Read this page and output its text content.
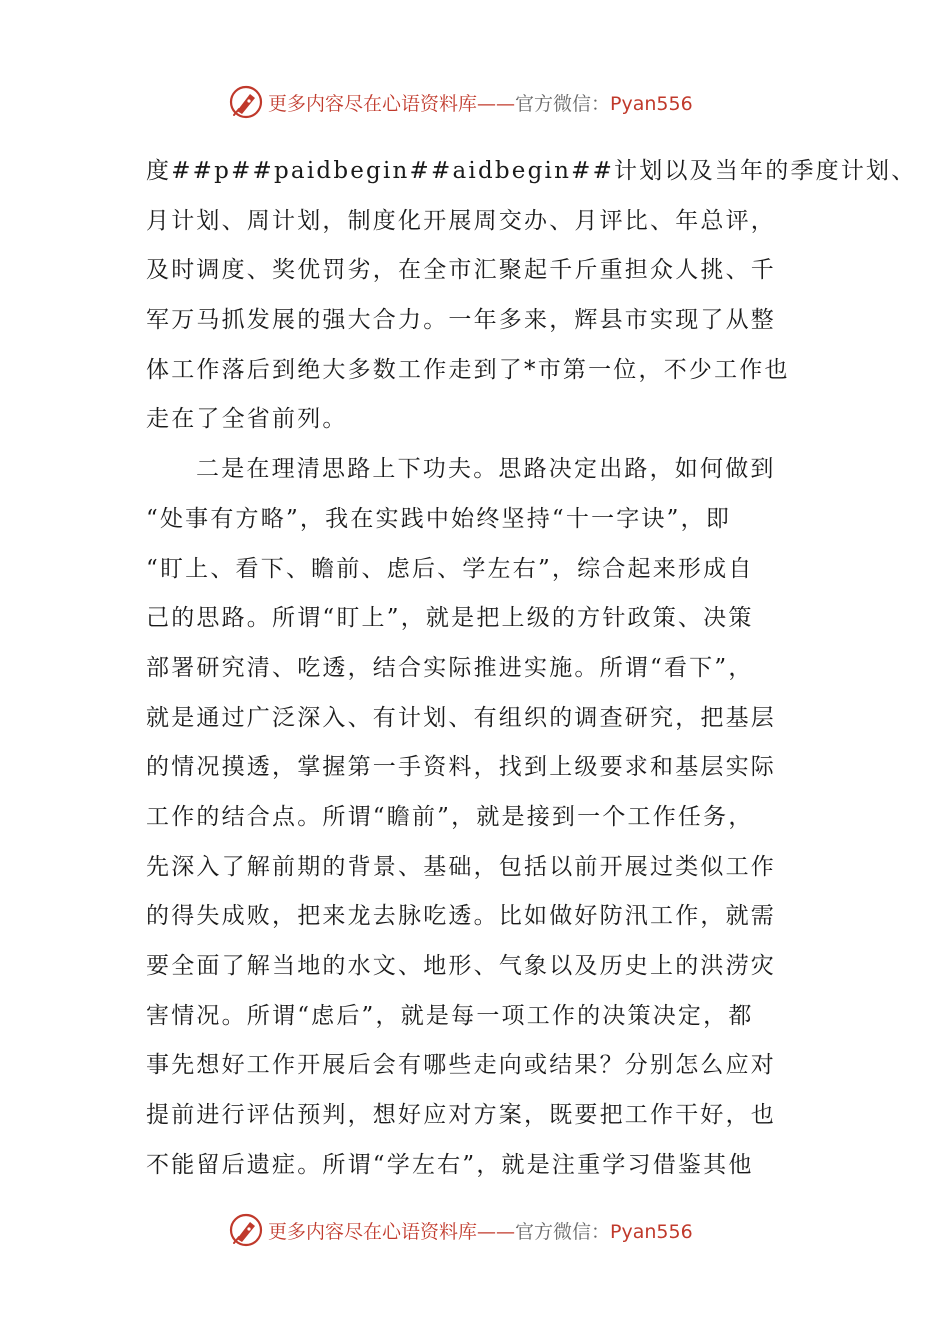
更多内容尽在心语资料库——官方微信：Pyan556
度##p##paidbegin##aidbegin##计划以及当年的季度计划、
月计划、周计划，制度化开展周交办、月评比、年总评，
及时调度、奖优罚劣，在全市汇聚起千斤重担众人挑、千
军万马抓发展的强大合力。一年多来，辉县市实现了从整
体工作落后到绝大多数工作走到了*市第一位，不少工作也
走在了全省前列。
二是在理清思路上下功夫。思路决定出路，如何做到
“处事有方略”，我在实践中始终坚持“十一字诀”，即
“盯上、看下、瞻前、虑后、学左右”，综合起来形成自
己的思路。所谓“盯上”，就是把上级的方针政策、决策
部署研究清、吃透，结合实际推进实施。所谓“看下”，
就是通过广泛深入、有计划、有组织的调查研究，把基层
的情况摸透，掌握第一手资料，找到上级要求和基层实际
工作的结合点。所谓“瞻前”，就是接到一个工作任务，
先深入了解前期的背景、基础，包括以前开展过类似工作
的得失成败，把来龙去脉吃透。比如做好防汛工作，就需
要全面了解当地的水文、地形、气象以及历史上的洪涝灾
害情况。所谓“虑后”，就是每一项工作的决策决定，都
事先想好工作开展后会有哪些走向或结果？分别怎么应对
提前进行评估预判，想好应对方案，既要把工作干好，也
不能留后遗症。所谓“学左右”，就是注重学习借鉴其他
更多内容尽在心语资料库——官方微信：Pyan556
